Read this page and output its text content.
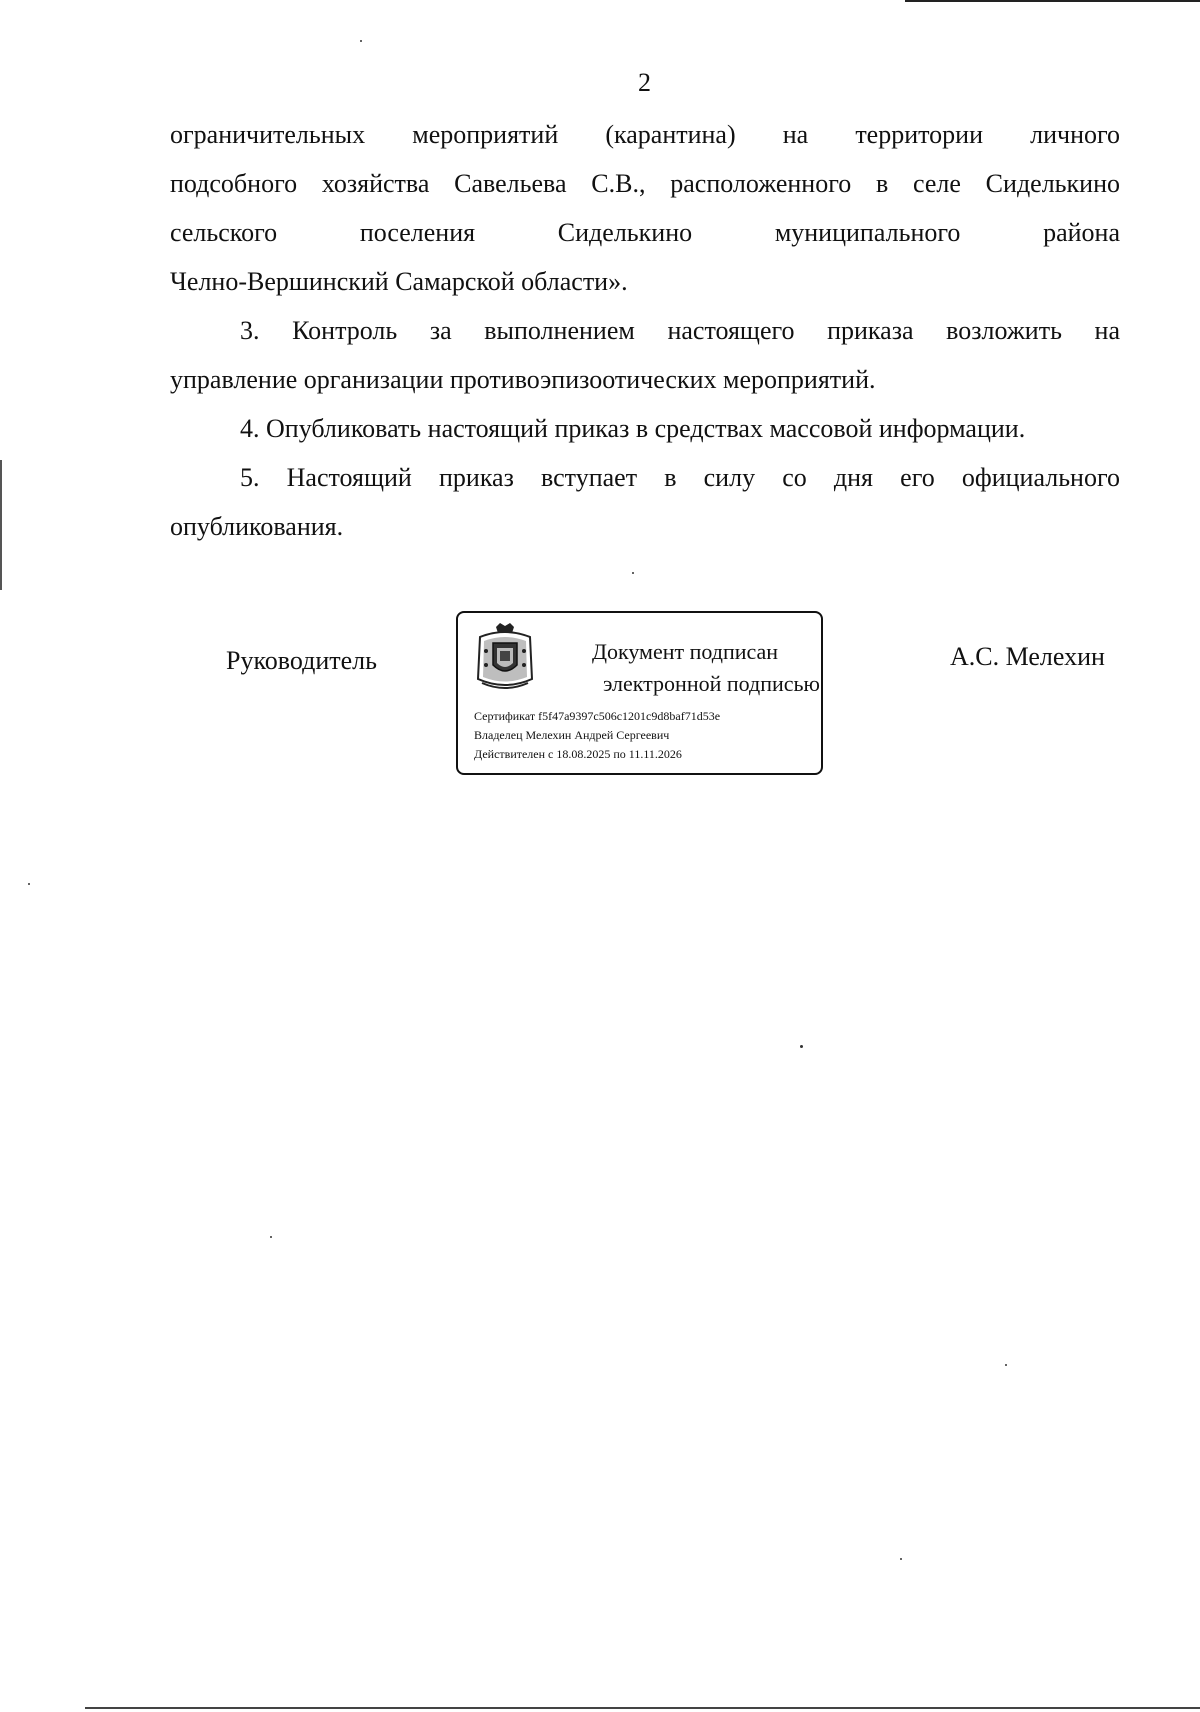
2
ограничительных мероприятий (карантина) на территории личного
подсобного хозяйства Савельева С.В., расположенного в селе Сиделькино
сельского поселения Сиделькино муниципального района
Челно-Вершинский Самарской области».
3. Контроль за выполнением настоящего приказа возложить на
управление организации противоэпизоотических мероприятий.
4. Опубликовать настоящий приказ в средствах массовой информации.
5. Настоящий приказ вступает в силу со дня его официального
опубликования.
Руководитель	Документ подписан
электронной подписью
Сертификат f5f47a9397c506c1201c9d8baf71d53e
Владелец Мелехин Андрей Сергеевич
Действителен с 18.08.2025 по 11.11.2026
А.С. Мелехин
